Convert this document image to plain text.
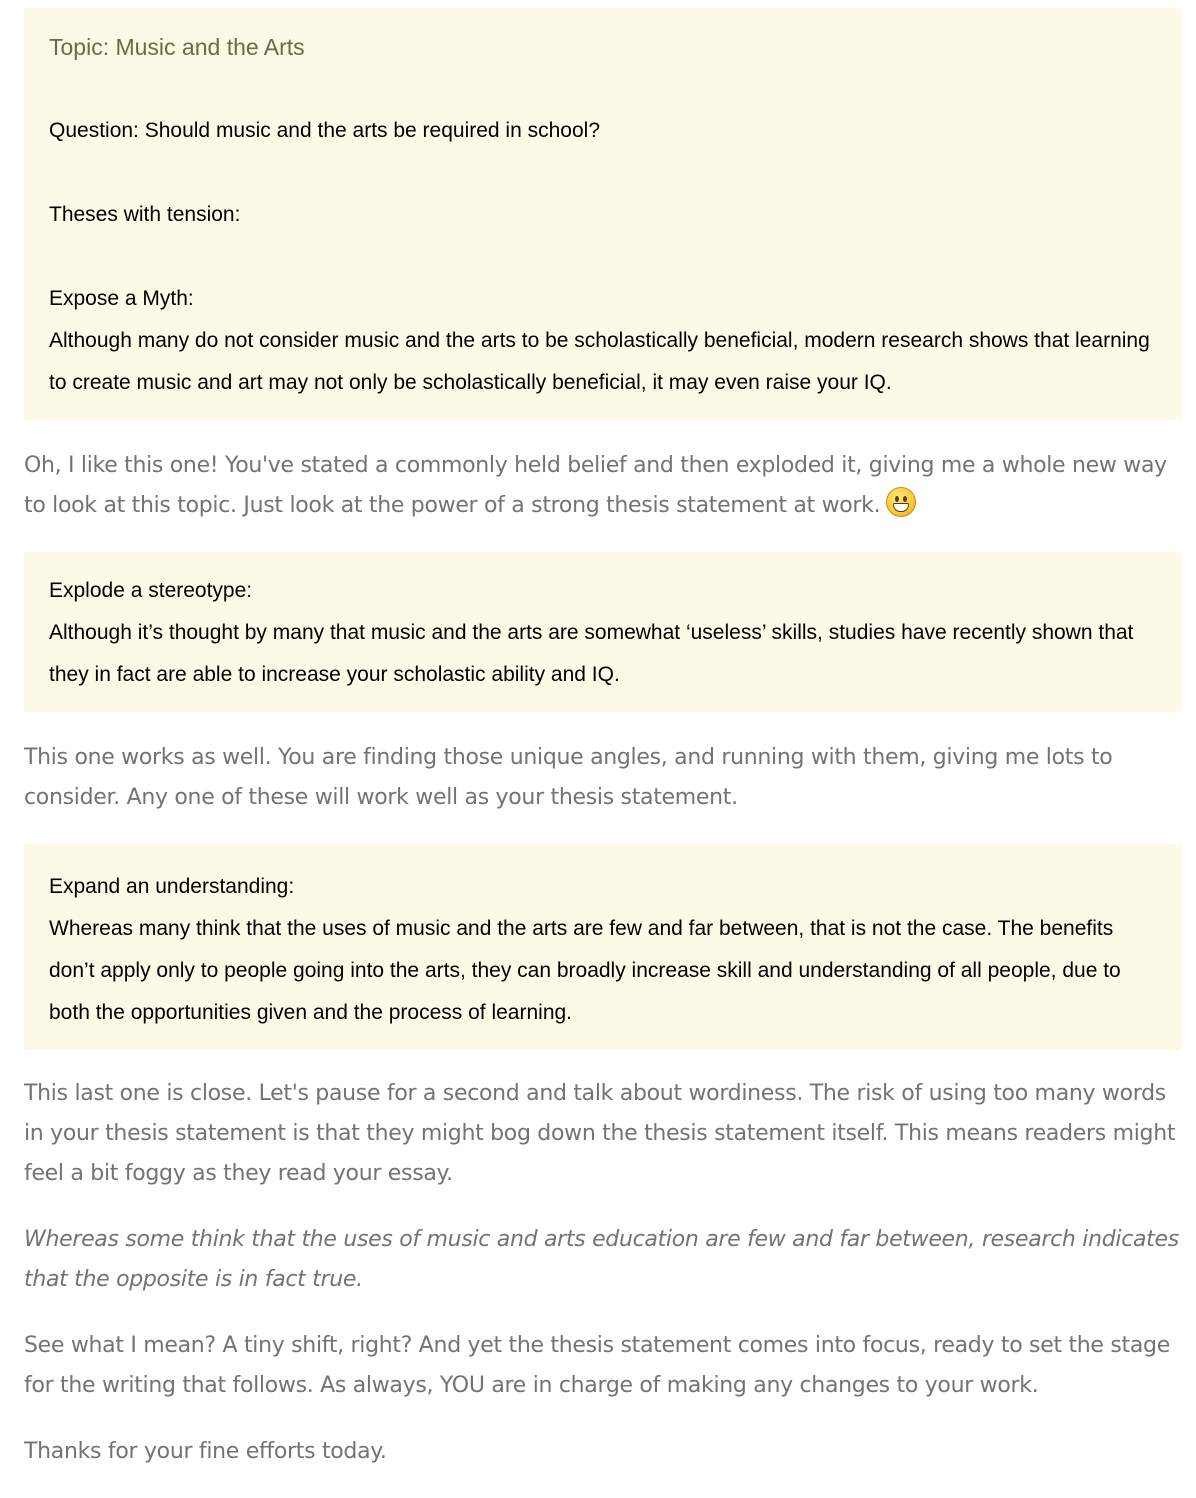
Topic: Music and the Arts

Question: Should music and the arts be required in school?

Theses with tension:

Expose a Myth:

Although many do not consider music and the arts to be scholastically beneficial, modern research shows that learning to create music and art may not only be scholastically beneficial, it may even raise your IQ.

Oh, I like this one! You've stated a commonly held belief and then exploded it, giving me a whole new way to look at this topic. Just look at the power of a strong thesis statement at work.

Explode a stereotype:

Although it’s thought by many that music and the arts are somewhat ‘useless’ skills, studies have recently shown that they in fact are able to increase your scholastic ability and IQ.

This one works as well. You are finding those unique angles, and running with them, giving me lots to consider. Any one of these will work well as your thesis statement.

Expand an understanding:

Whereas many think that the uses of music and the arts are few and far between, that is not the case. The benefits don’t apply only to people going into the arts, they can broadly increase skill and understanding of all people, due to both the opportunities given and the process of learning.

This last one is close. Let's pause for a second and talk about wordiness. The risk of using too many words in your thesis statement is that they might bog down the thesis statement itself. This means readers might feel a bit foggy as they read your essay.

Whereas some think that the uses of music and arts education are few and far between, research indicates that the opposite is in fact true.

See what I mean? A tiny shift, right? And yet the thesis statement comes into focus, ready to set the stage for the writing that follows. As always, YOU are in charge of making any changes to your work.

Thanks for your fine efforts today.
